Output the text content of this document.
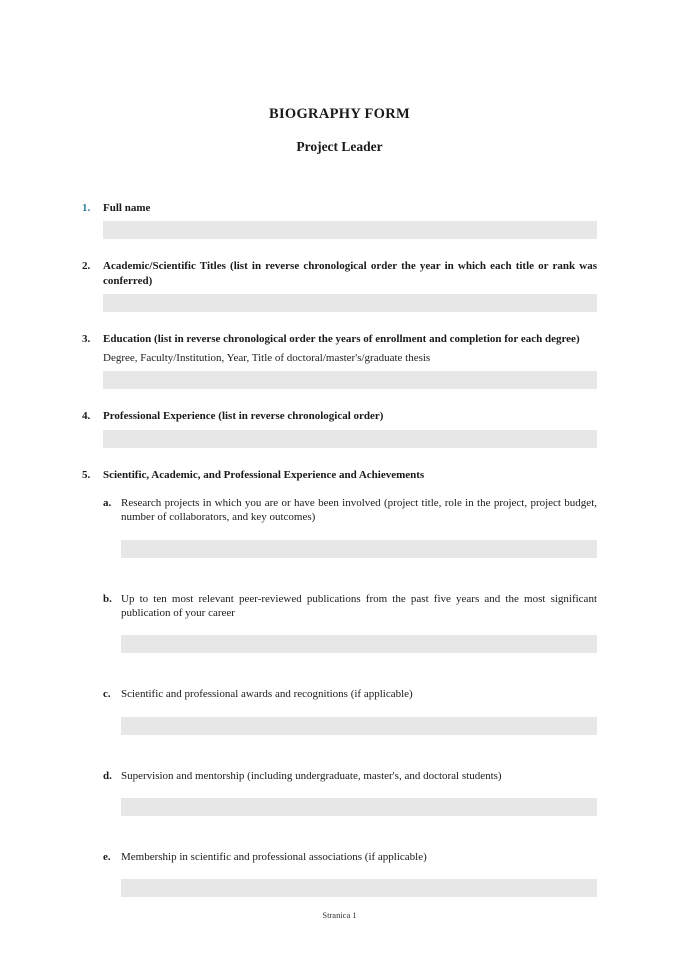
BIOGRAPHY FORM
Project Leader
1.	Full name
2.	Academic/Scientific Titles (list in reverse chronological order the year in which each title or rank was conferred)
3.	Education (list in reverse chronological order the years of enrollment and completion for each degree)
Degree, Faculty/Institution, Year, Title of doctoral/master's/graduate thesis
4.	Professional Experience (list in reverse chronological order)
5.	Scientific, Academic, and Professional Experience and Achievements
a. Research projects in which you are or have been involved (project title, role in the project, project budget, number of collaborators, and key outcomes)
b. Up to ten most relevant peer-reviewed publications from the past five years and the most significant publication of your career
c. Scientific and professional awards and recognitions (if applicable)
d. Supervision and mentorship (including undergraduate, master's, and doctoral students)
e. Membership in scientific and professional associations (if applicable)
Stranica 1
